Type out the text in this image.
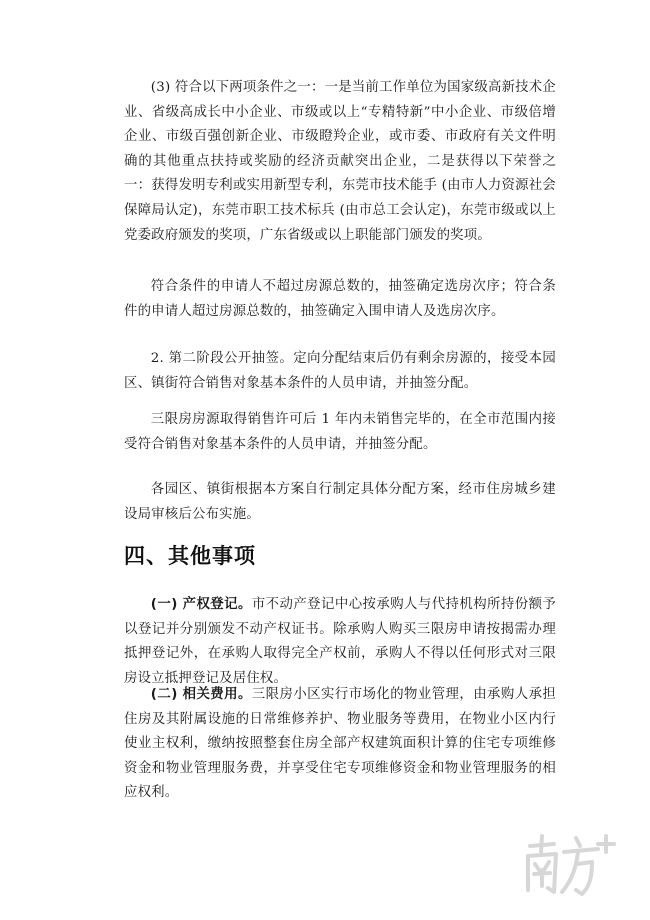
(3) 符合以下两项条件之一：一是当前工作单位为国家级高新技术企业、省级高成长中小企业、市级或以上“专精特新”中小企业、市级倍增企业、市级百强创新企业、市级瞪羚企业，或市委、市政府有关文件明确的其他重点扶持或奖励的经济贡献突出企业，二是获得以下荣誉之一：获得发明专利或实用新型专利，东莞市技术能手 (由市人力资源社会保障局认定)，东莞市职工技术标兵 (由市总工会认定)，东莞市级或以上党委政府颁发的奖项，广东省级或以上职能部门颁发的奖项。

符合条件的申请人不超过房源总数的，抽签确定选房次序；符合条件的申请人超过房源总数的，抽签确定入围申请人及选房次序。

2. 第二阶段公开抽签。定向分配结束后仍有剩余房源的，接受本园区、镇街符合销售对象基本条件的人员申请，并抽签分配。

三限房房源取得销售许可后 1 年内未销售完毕的，在全市范围内接受符合销售对象基本条件的人员申请，并抽签分配。

各园区、镇街根据本方案自行制定具体分配方案，经市住房城乡建设局审核后公布实施。

四、其他事项

(一) 产权登记。市不动产登记中心按承购人与代持机构所持份额予以登记并分别颁发不动产权证书。除承购人购买三限房申请按揭需办理抵押登记外，在承购人取得完全产权前，承购人不得以任何形式对三限房设立抵押登记及居住权。

(二) 相关费用。三限房小区实行市场化的物业管理，由承购人承担住房及其附属设施的日常维修养护、物业服务等费用，在物业小区内行使业主权利，缴纳按照整套住房全部产权建筑面积计算的住宅专项维修资金和物业管理服务费，并享受住宅专项维修资金和物业管理服务的相应权利。
